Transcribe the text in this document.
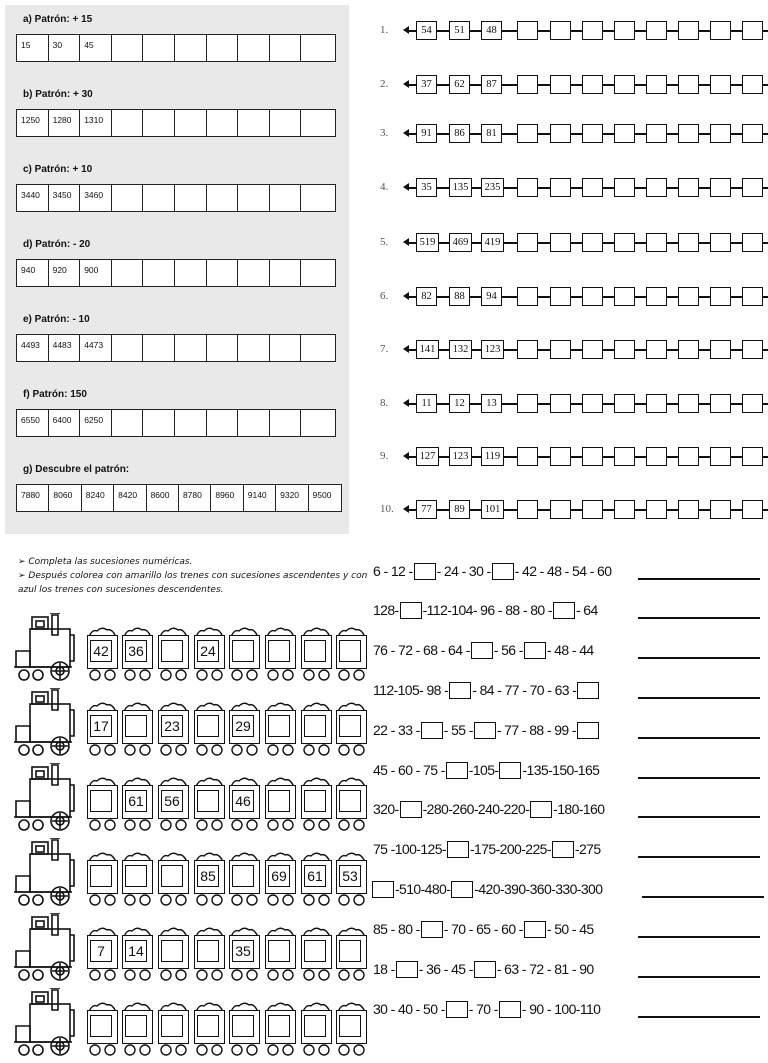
a) Patrón: + 15
15	30	45
b) Patrón: + 30
1250	1280	1310
c) Patrón: + 10
3440	3450	3460
d) Patrón: - 20
940	920	900
e) Patrón: - 10
4493	4483	4473
f) Patrón: 150
6550	6400	6250
g) Descubre el patrón:
7880	8060	8240	8420	8600	8780	8960	9140	9320	9500
1.	54	51	48
2.	37	62	87
3.	91	86	81
4.	35	135	235
5.	519	469	419
6.	82	88	94
7.	141	132	123
8.	11	12	13
9.	127	123	119
10.	77	89	101
➢ Completa las sucesiones numéricas.
➢ Después colorea con amarillo los trenes con sucesiones ascendentes y con
azul los trenes con sucesiones descendentes.
42 36	24
17	23	29
61 56	46
85	69 61 53
7	14	35
6 - 12 - - 24 - 30 - - 42 - 48 - 54 - 60
128- -112-104- 96 - 88 - 80 - - 64
76 - 72 - 68 - 64 - - 56 - - 48 - 44
112-105- 98 - - 84 - 77 - 70 - 63 -
22 - 33 - - 55 - - 77 - 88 - 99 -
45 - 60 - 75 - -105- -135-150-165
320- -280-260-240-220- -180-160
75 -100-125- -175-200-225- -275
-510-480- -420-390-360-330-300
85 - 80 - - 70 - 65 - 60 - - 50 - 45
18 - - 36 - 45 - - 63 - 72 - 81 - 90
30 - 40 - 50 - - 70 - - 90 - 100-110
